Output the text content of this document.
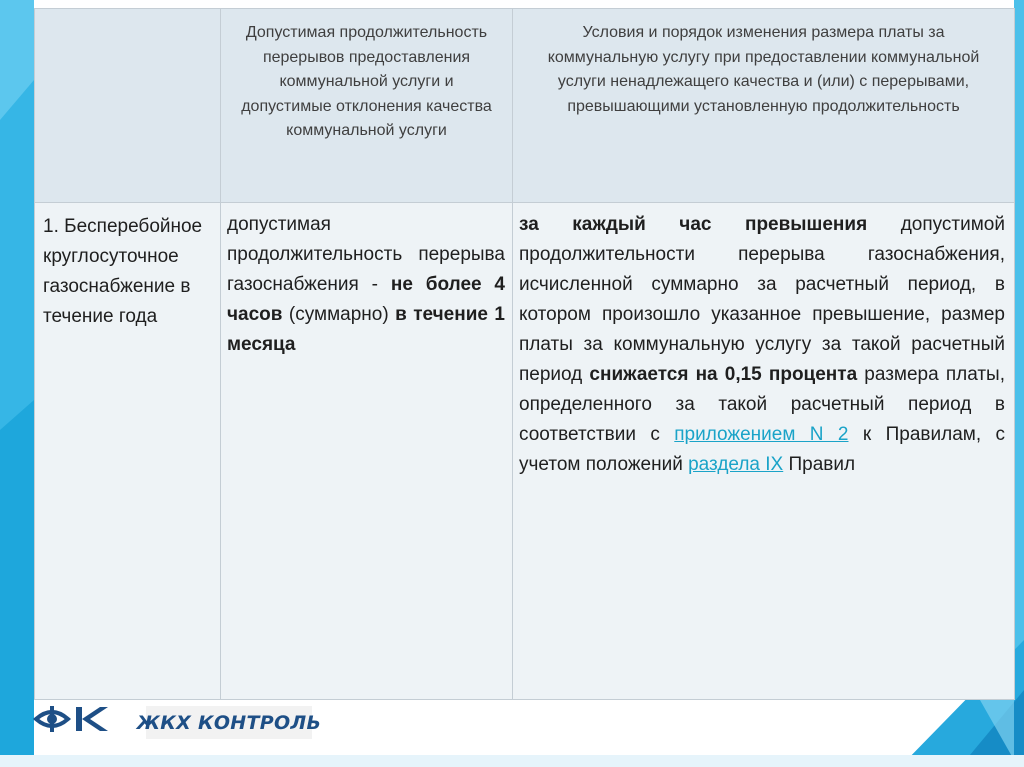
	Допустимая продолжительность перерывов предоставления коммунальной услуги и допустимые отклонения качества коммунальной услуги	Условия и порядок изменения размера платы за коммунальную услугу при предоставлении коммунальной услуги ненадлежащего качества и (или) с перерывами, превышающими установленную продолжительность

1. Бесперебойное круглосуточное газоснабжение в течение года	допустимая продолжительность перерыва газоснабжения - не более 4 часов (суммарно) в течение 1 месяца	за каждый час превышения допустимой продолжительности перерыва газоснабжения, исчисленной суммарно за расчетный период, в котором произошло указанное превышение, размер платы за коммунальную услугу за такой расчетный период снижается на 0,15 процента размера платы, определенного за такой расчетный период в соответствии с приложением N 2 к Правилам, с учетом положений раздела IX Правил
ФК
ЖКХ КОНТРОЛЬ
